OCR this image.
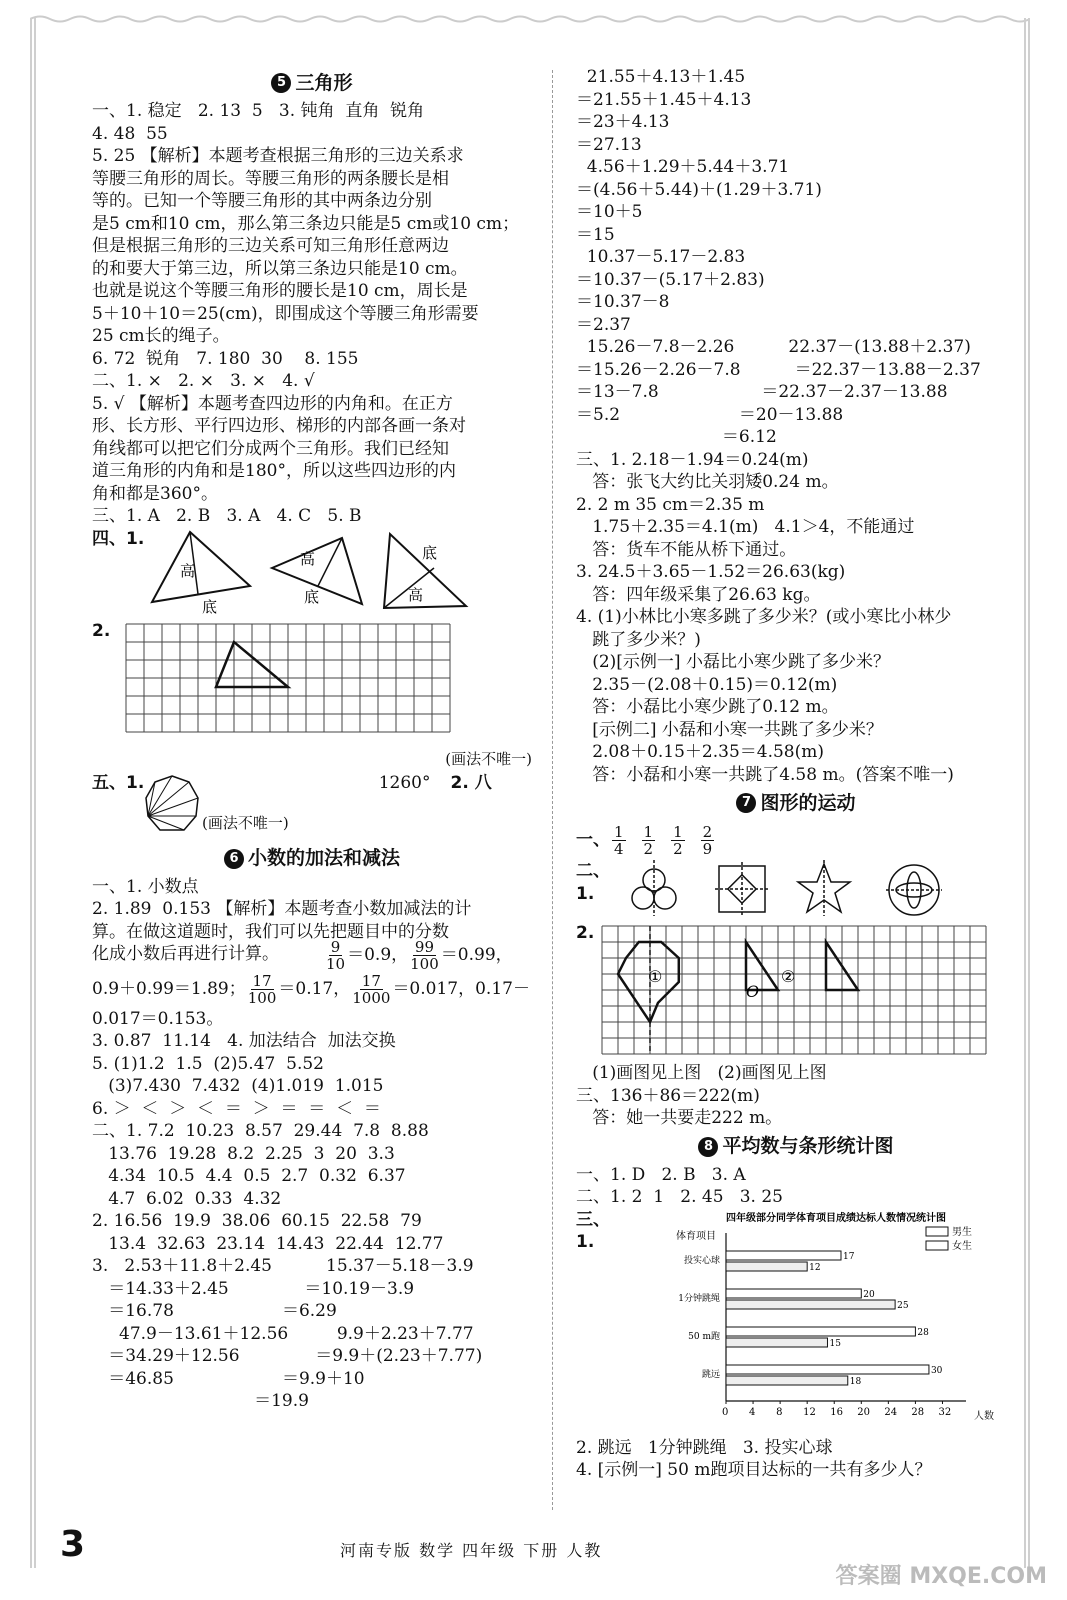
5 三角形
一、1. 稳定   2. 13  5   3. 钝角  直角  锐角
4. 48  55
5. 25 【解析】本题考查根据三角形的三边关系求
等腰三角形的周长。等腰三角形的两条腰长是相
等的。已知一个等腰三角形的其中两条边分别
是5 cm和10 cm，那么第三条边只能是5 cm或10 cm；
但是根据三角形的三边关系可知三角形任意两边
的和要大于第三边，所以第三条边只能是10 cm。
也就是说这个等腰三角形的腰长是10 cm，周长是
5＋10＋10＝25(cm)，即围成这个等腰三角形需要
25 cm长的绳子。
6. 72  锐角   7. 180  30    8. 155
二、1. ×   2. ×   3. ×   4. √
5. √ 【解析】本题考查四边形的内角和。在正方
形、长方形、平行四边形、梯形的内部各画一条对
角线都可以把它们分成两个三角形。我们已经知
道三角形的内角和是180°，所以这些四边形的内
角和都是360°。
三、1. A   2. B   3. A   4. C   5. B
四、1.
高
底
高
底
底
高
2.
(画法不唯一)
五、1.
(画法不唯一)
1260° 2. 八
6 小数的加法和减法
一、1. 小数点
2. 1.89  0.153 【解析】本题考查小数加减法的计
算。在做这道题时，我们可以先把题目中的分数
化成小数后再进行计算。	$\frac{9}{10} =0.9$， $\frac{99}{100} =0.99$，
0.9＋0.99＝1.89； $\frac{17}{100} =0.17$， $\frac{17}{1000} =0.017$，0.17－
0.017＝0.153。
3. 0.87  11.14   4. 加法结合  加法交换
5. (1)1.2  1.5  (2)5.47  5.52
(3)7.430  7.432  (4)1.019  1.015
6. ＞  ＜  ＞  ＜  ＝  ＞  ＝  ＝  ＜  ＝
二、1. 7.2  10.23  8.57  29.44  7.8  8.88
13.76  19.28  8.2  2.25  3  20  3.3
4.34  10.5  4.4  0.5  2.7  0.32  6.37
4.7  6.02  0.33  4.32
2. 16.56  19.9  38.06  60.15  22.58  79
13.4  32.63  23.14  14.43  22.44  12.77
3.   2.53＋11.8＋2.45          15.37－5.18－3.9
＝14.33＋2.45              ＝10.19－3.9
＝16.78                    ＝6.29
47.9－13.61＋12.56         9.9＋2.23＋7.77
＝34.29＋12.56              ＝9.9＋(2.23＋7.77)
＝46.85                    ＝9.9＋10
＝19.9
21.55＋4.13＋1.45
＝21.55＋1.45＋4.13
＝23＋4.13
＝27.13
4.56＋1.29＋5.44＋3.71
＝(4.56＋5.44)＋(1.29＋3.71)
＝10＋5
＝15
10.37－5.17－2.83
＝10.37－(5.17＋2.83)
＝10.37－8
＝2.37
15.26－7.8－2.26          22.37－(13.88＋2.37)
＝15.26－2.26－7.8          ＝22.37－13.88－2.37
＝13－7.8                   ＝22.37－2.37－13.88
＝5.2                      ＝20－13.88
＝6.12
三、1. 2.18－1.94＝0.24(m)
答：张飞大约比关羽矮0.24 m。
2. 2 m 35 cm＝2.35 m
1.75＋2.35＝4.1(m)   4.1＞4，不能通过
答：货车不能从桥下通过。
3. 24.5＋3.65－1.52＝26.63(kg)
答：四年级采集了26.63 kg。
4. (1)小林比小寒多跳了多少米？(或小寒比小林少
跳了多少米？)
(2)[示例一] 小磊比小寒少跳了多少米？
2.35－(2.08＋0.15)＝0.12(m)
答：小磊比小寒少跳了0.12 m。
[示例二] 小磊和小寒一共跳了多少米？
2.08＋0.15＋2.35＝4.58(m)
答：小磊和小寒一共跳了4.58 m。(答案不唯一)
7 图形的运动
一、 $\frac{1}{4} \frac{1}{2} \frac{1}{2} \frac{2}{9}$
二、1.
2.
①	②
O
(1)画图见上图   (2)画图见上图
三、136＋86＝222(m)
答：她一共要走222 m。
8 平均数与条形统计图
一、1. D   2. B   3. A
二、1. 2  1   2. 45   3. 25
三、1.
四年级部分同学体育项目成绩达标人数情况统计图
体育项目
人数
0 4 8 12 16 20 24 28 32
男生
女生
投实心球	17
12
1分钟跳绳	20
25
50 m跑	28
15
跳远	30
18
2. 跳远   1分钟跳绳   3. 投实心球
4. [示例一] 50 m跑项目达标的一共有多少人？
3	河南专版 数学 四年级 下册 人教
答案圈 MXQE.COM
